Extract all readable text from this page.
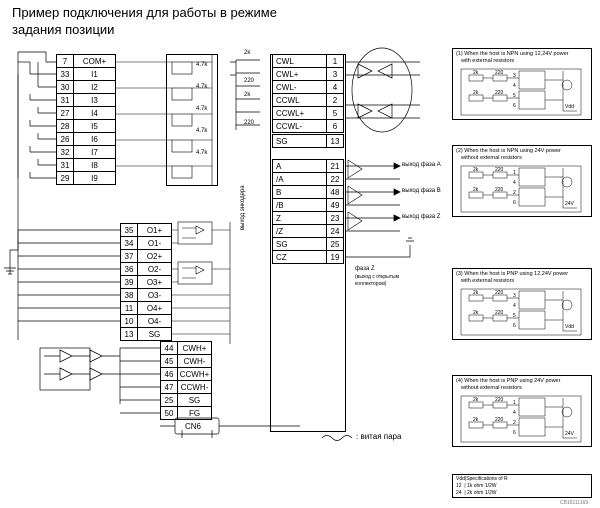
Пример подключения для работы в режиме
задания позиции
7	COM+
33	I1
30	I2
31	I3
27	I4
28	I5
26	I6
32	I7
31	I8
29	I9
4.7k
4.7k
4.7k
4.7k
4.7k
35	O1+
34	O1-
37	O2+
36	O2-
39	O3+
38	O3-
11	O4+
10	O4-
13	SG
44	CWH+
45	CWH-
46 CCWH+
47 CCWH-
25	SG
50	FG
CN6
: витая пара
CWL	1
CWL+	3
CWL-	4
CCWL	2
CCWL+	5
CCWL-	6
SG	13
2k
220
2k
220
A	21
/A	22
B	48
/B	49
Z	23
/Z	24
SG	25
CZ	19
выход фаза A
выход фаза B
выход фаза Z
фаза Z
(выход с открытым
коллектором)
выход энкодера
(1) When the host is NPN using 12,24V power
with external resistors
2k	220
2k	220
3
4
5
6	Vdd
(2) When the host is NPN using 24V power
without external resistors
2k	220
2k	220
1
4
2
6	24V
(3) When the host is PNP using 12,24V power
with external resistors
2k	220
2k	220
3
4
5
6	Vdd
(4) When the host is PNP using 24V power
without external resistors
2k	220
2k	220
1
4
2
6	24V
Vdd|Specifications of R
12  | 1k ohm 1/2W
24  | 2k ohm 1/2W
CB16111169
